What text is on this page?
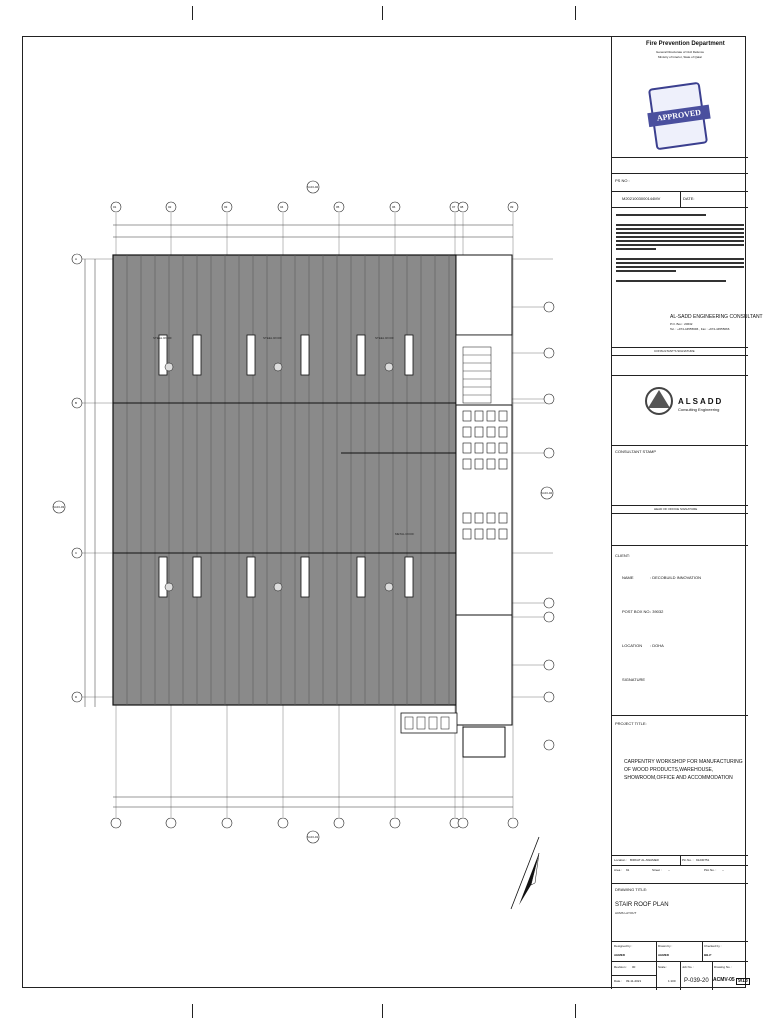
01	02	03	04	05	06	07 08	09
A
B
C
D
M-03-02
M-03-01
M-03-03
M-03-02
STEEL ROOF	STEEL ROOF	STEEL ROOF
METAL ROOF
Fire Prevention Department
General Directorate of Civil Defence
Ministry of Interior, State of Qatar
APPROVED
PS NO :
M2021003000144MV	DATE:
AL-SADD ENGINEERING CONSULTANT
P.O. Box : 20632
Tel. : +974-44555696 , Fax : +974-44555666
CONSULTANT'S SIGNATURE
ALSADD
Consulting Engineering
CONSULTANT STAMP
HEAD OF OFFICE SIGNATURE
CLIENT:
NAME	: DECOBUILD INNOVATION
POST BOX NO. : 39032
LOCATION : DOHA
SIGNATURE
PROJECT TITLE:
CARPENTRY WORKSHOP FOR MANUFACTURING OF WOOD PRODUCTS,WAREHOUSE, SHOWROOM,OFFICE AND ACCOMMODATION
Location : BIRKAT AL AWAMER	Pin No. : 91230751
Area : 91	Street : --	Plot No. : --
DRAWING TITLE:
STAIR ROOF PLAN
ACMS LAYOUT
Designed by :
AHMED
Drawn by :
AHMED
Checked by :
BB-P
Revision : 00
Date : 09-11-2021
Scale :
1:100
Job No. :
P-039-20
Drawing No. :
ACMV-05 9/13
